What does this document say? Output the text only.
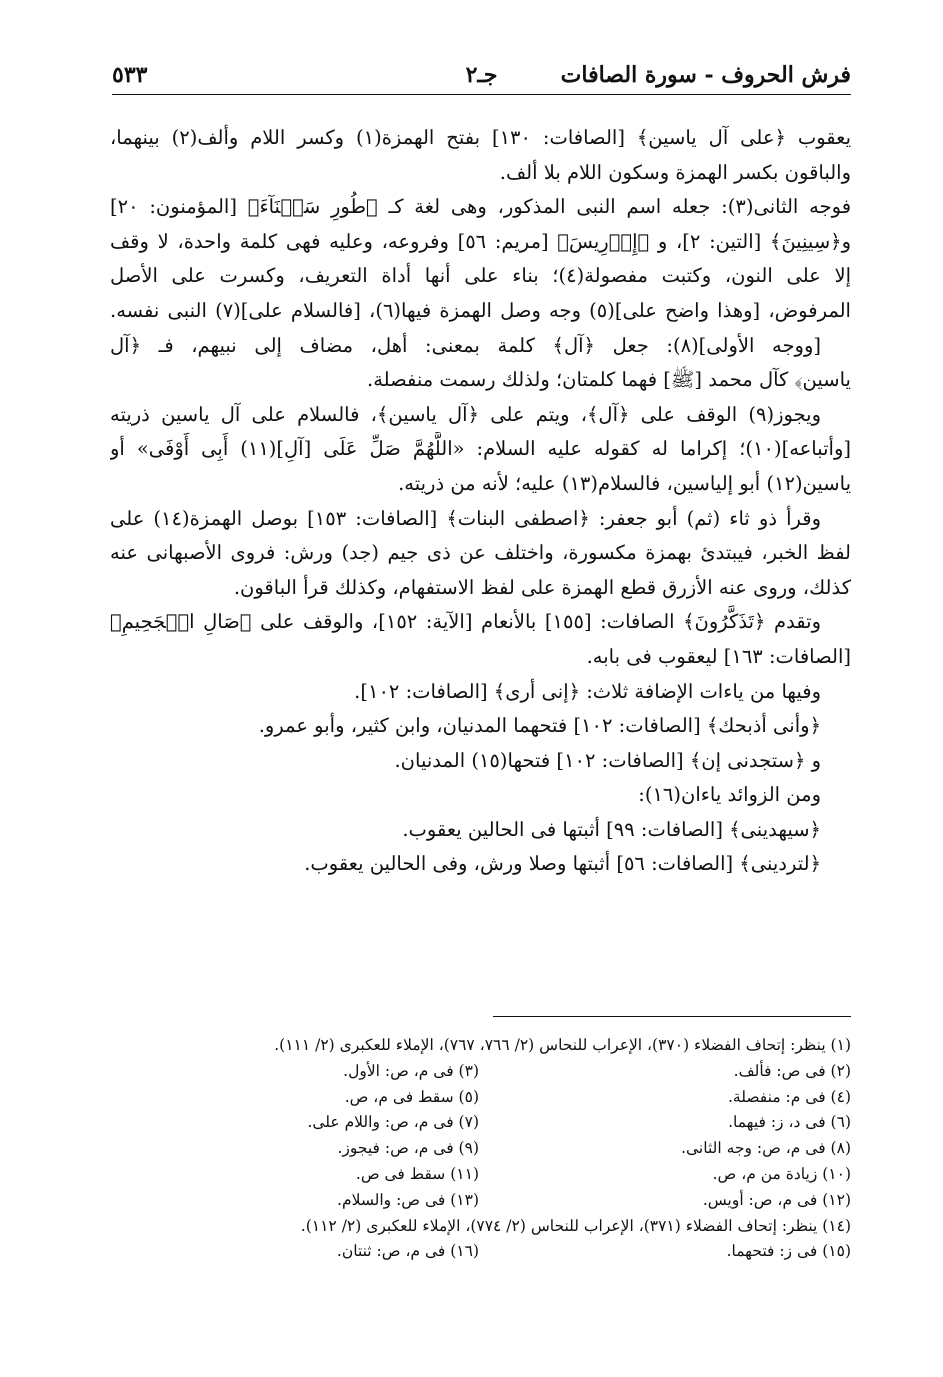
فرش الحروف - سورة الصافات
جـ٢
٥٣٣
يعقوب ﴿على آل ياسين﴾ [الصافات: ١٣٠] بفتح الهمزة(١) وكسر اللام وألف(٢) بينهما،
والباقون بكسر الهمزة وسكون اللام بلا ألف.
فوجه الثانى(٣): جعله اسم النبى المذكور، وهى لغة كـ ﴿طُورِ سَيۡنَآءَ﴾ [المؤمنون: ٢٠]
و﴿سِينِينَ﴾ [التين: ٢]، و ﴿إِدۡرِيسَ﴾ [مريم: ٥٦] وفروعه، وعليه فهى كلمة واحدة، لا وقف
إلا على النون، وكتبت مفصولة(٤)؛ بناء على أنها أداة التعريف، وكسرت على الأصل
المرفوض، [وهذا واضح على](٥) وجه وصل الهمزة فيها(٦)، [فالسلام على](٧) النبى نفسه.
[ووجه الأولى](٨): جعل ﴿آل﴾ كلمة بمعنى: أهل، مضاف إلى نبيهم، فـ ﴿آل
ياسين﴾ كآل محمد [ﷺ] فهما كلمتان؛ ولذلك رسمت منفصلة.
ويجوز(٩) الوقف على ﴿آل﴾، ويتم على ﴿آل ياسين﴾، فالسلام على آل ياسين ذريته
[وأتباعه](١٠)؛ إكراما له كقوله عليه السلام: «اللَّهُمَّ صَلِّ عَلَى [آلِ](١١) أَبِى أَوْفَى» أو
ياسين(١٢) أبو إلياسين، فالسلام(١٣) عليه؛ لأنه من ذريته.
وقرأ ذو ثاء (ثم) أبو جعفر: ﴿اصطفى البنات﴾ [الصافات: ١٥٣] بوصل الهمزة(١٤) على
لفظ الخبر، فيبتدئ بهمزة مكسورة، واختلف عن ذى جيم (جد) ورش: فروى الأصبهانى عنه
كذلك، وروى عنه الأزرق قطع الهمزة على لفظ الاستفهام، وكذلك قرأ الباقون.
وتقدم ﴿تَذَكَّرُونَ﴾ الصافات: [١٥٥] بالأنعام [الآية: ١٥٢]، والوقف على ﴿صَالِ الۡجَحِيمِ﴾
[الصافات: ١٦٣] ليعقوب فى بابه.
وفيها من ياءات الإضافة ثلاث: ﴿إنى أرى﴾ [الصافات: ١٠٢].
﴿وأنى أذبحك﴾ [الصافات: ١٠٢] فتحهما المدنيان، وابن كثير، وأبو عمرو.
و ﴿ستجدنى إن﴾ [الصافات: ١٠٢] فتحها(١٥) المدنيان.
ومن الزوائد ياءان(١٦):
﴿سيهدينى﴾ [الصافات: ٩٩] أثبتها فى الحالين يعقوب.
﴿لتردينى﴾ [الصافات: ٥٦] أثبتها وصلا ورش، وفى الحالين يعقوب.
(١) ينظر: إتحاف الفضلاء (٣٧٠)، الإعراب للنحاس (٢/ ٧٦٦، ٧٦٧)، الإملاء للعكبرى (٢/ ١١١).
(٢) فى ص: فألف.
(٣) فى م، ص: الأول.
(٤) فى م: منفصلة.
(٥) سقط فى م، ص.
(٦) فى د، ز: فيهما.
(٧) فى م، ص: واللام على.
(٨) فى م، ص: وجه الثانى.
(٩) فى م، ص: فيجوز.
(١٠) زيادة من م، ص.
(١١) سقط فى ص.
(١٢) فى م، ص: أويس.
(١٣) فى ص: والسلام.
(١٤) ينظر: إتحاف الفضلاء (٣٧١)، الإعراب للنحاس (٢/ ٧٧٤)، الإملاء للعكبرى (٢/ ١١٢).
(١٥) فى ز: فتحهما.
(١٦) فى م، ص: ثنتان.
